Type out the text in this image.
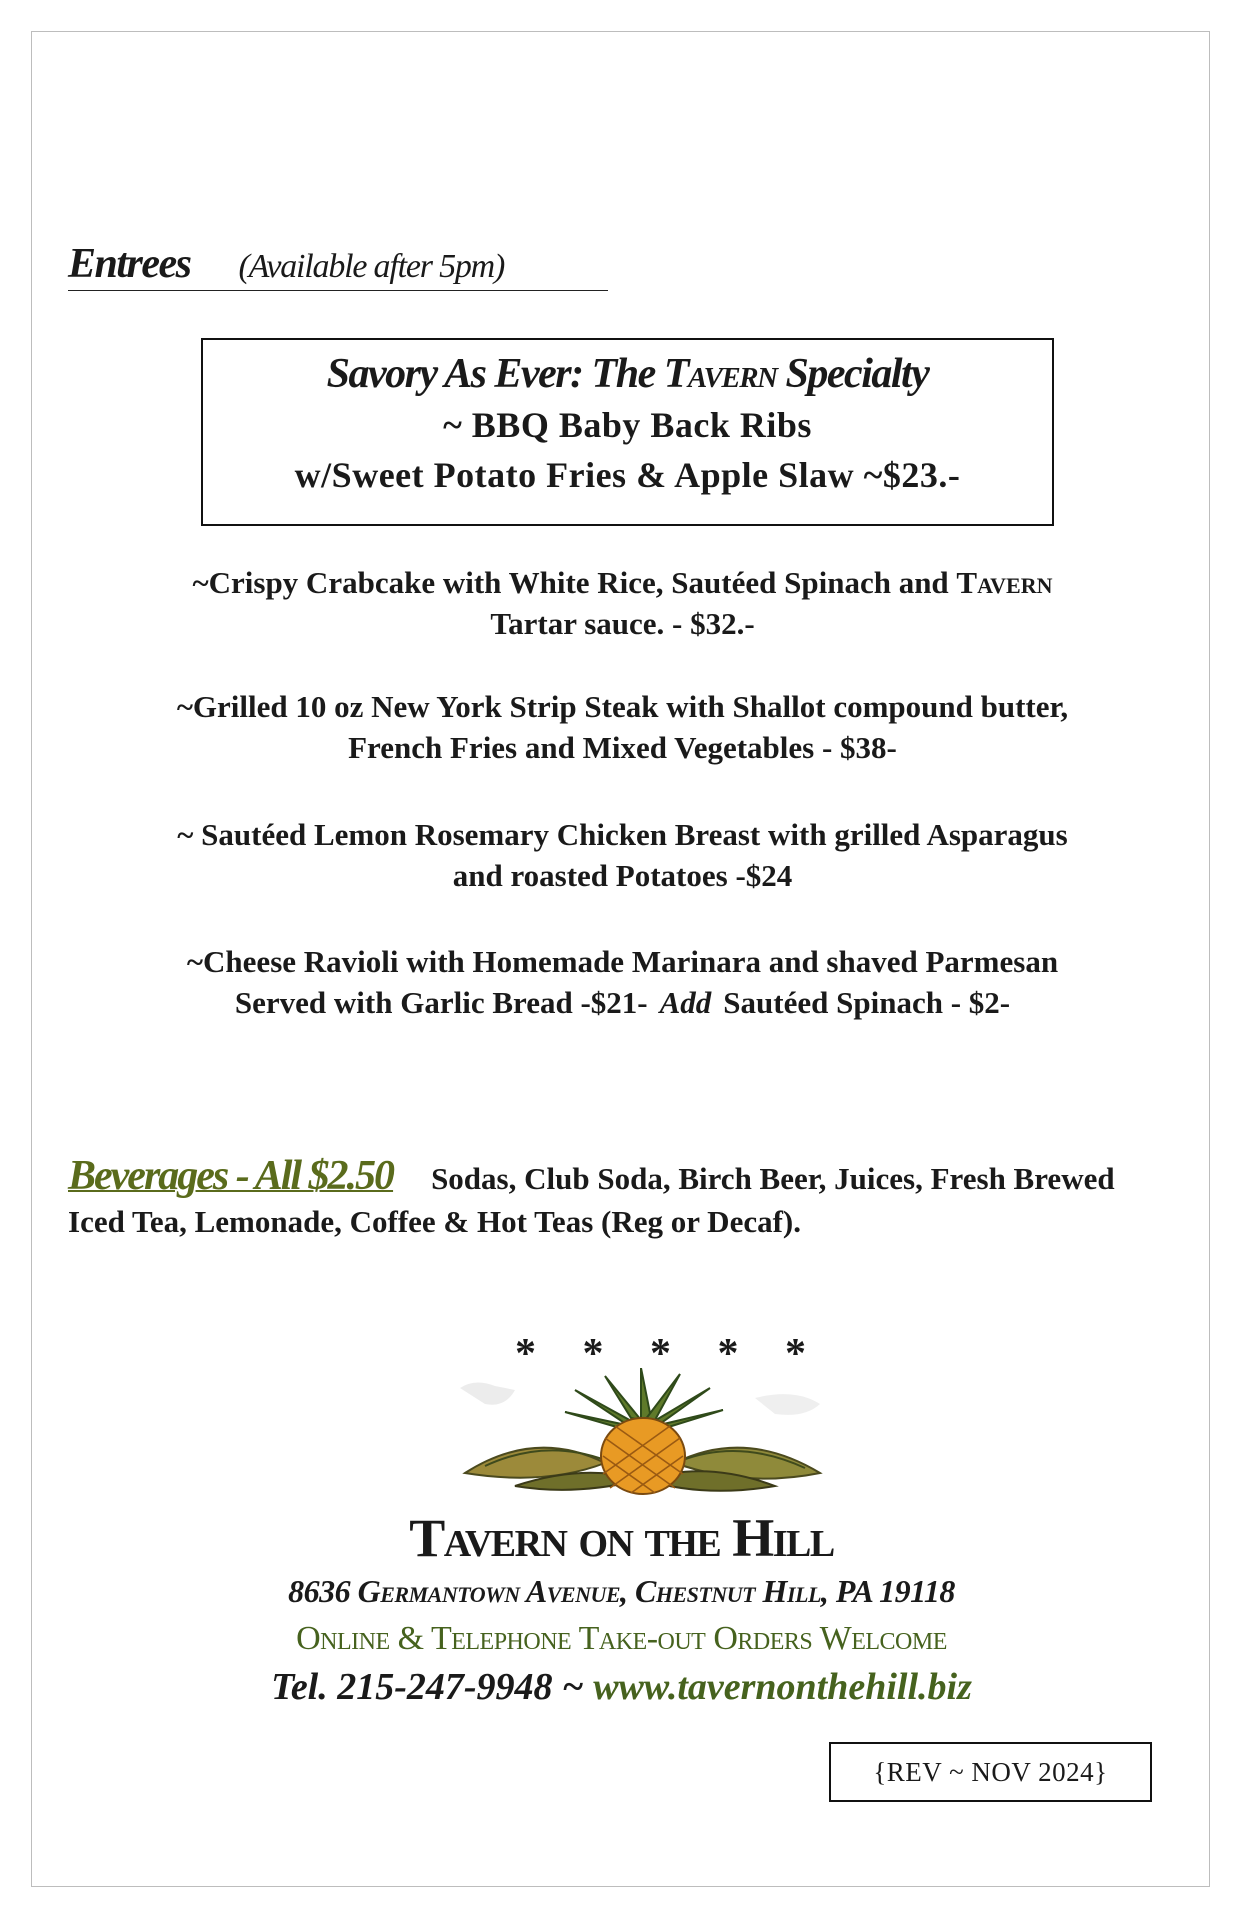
Entrees (Available after 5pm)
Savory As Ever: The Tavern Specialty
~ BBQ Baby Back Ribs
w/Sweet Potato Fries & Apple Slaw ~$23.-
~Crispy Crabcake with White Rice, Sautéed Spinach and Tavern
Tartar sauce. - $32.-
~Grilled 10 oz New York Strip Steak with Shallot compound butter,
French Fries and Mixed Vegetables - $38-
~ Sautéed Lemon Rosemary Chicken Breast with grilled Asparagus
and roasted Potatoes -$24
~Cheese Ravioli with Homemade Marinara and shaved Parmesan
Served with Garlic Bread -$21- Add Sautéed Spinach - $2-
Beverages - All $2.50 Sodas, Club Soda, Birch Beer, Juices, Fresh Brewed Iced Tea, Lemonade, Coffee & Hot Teas (Reg or Decaf).
* * * * *
Tavern on the Hill
8636 Germantown Avenue, Chestnut Hill, PA 19118
Online & Telephone Take-out Orders Welcome
Tel. 215-247-9948 ~ www.tavernonthehill.biz
{REV ~ NOV 2024}
